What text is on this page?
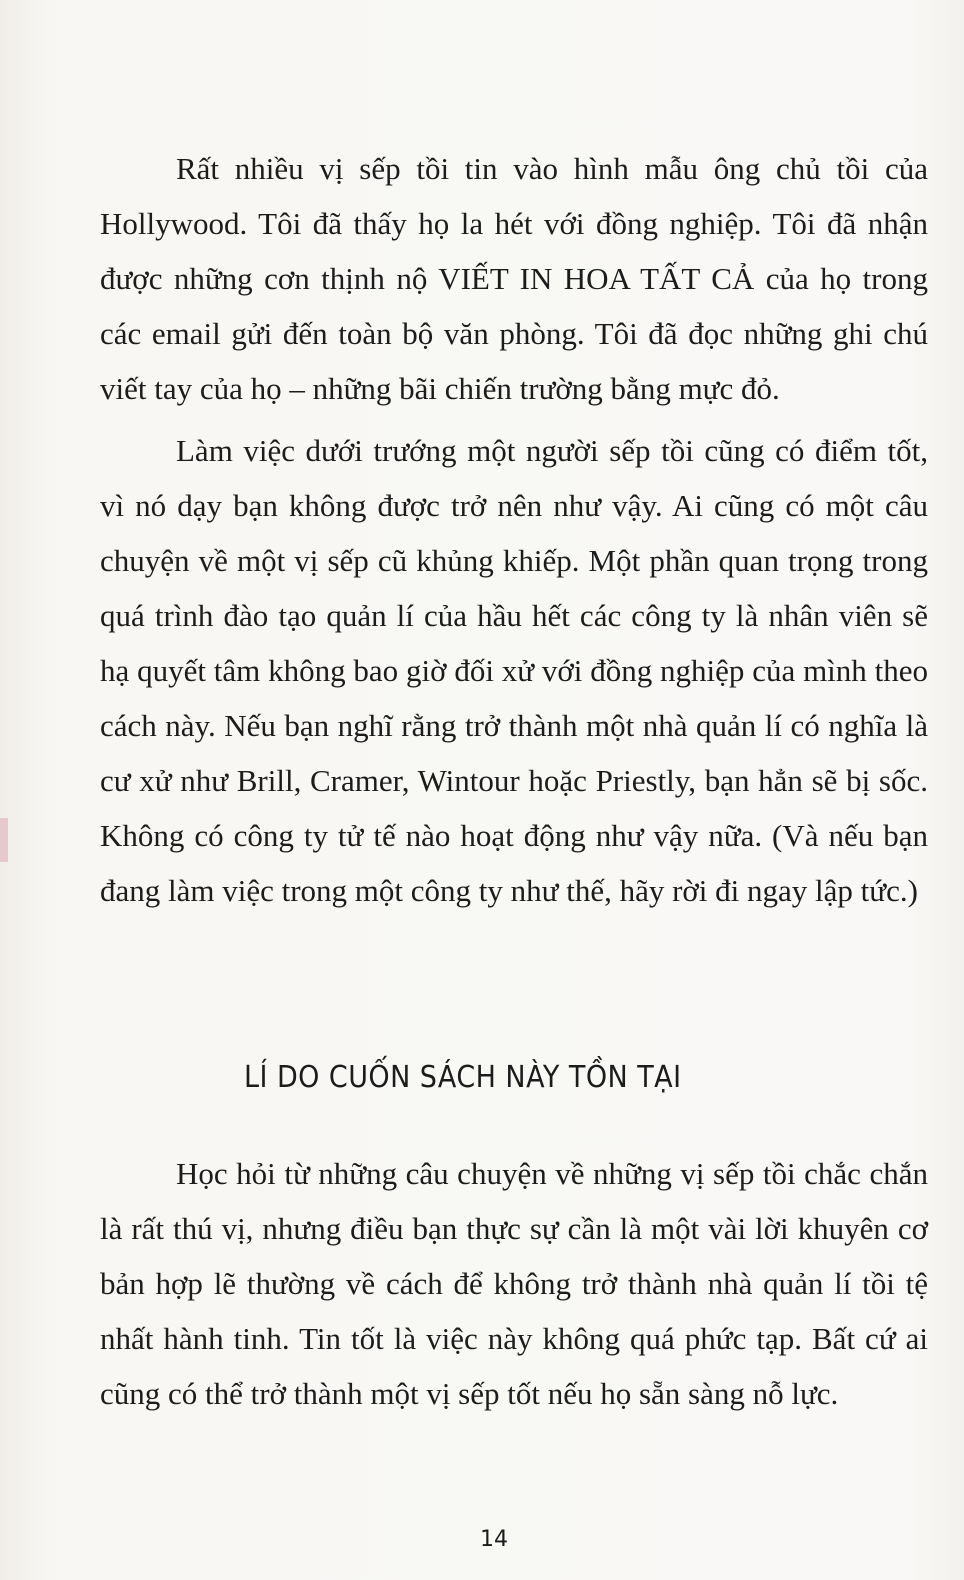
Rất nhiều vị sếp tồi tin vào hình mẫu ông chủ tồi của Hollywood. Tôi đã thấy họ la hét với đồng nghiệp. Tôi đã nhận được những cơn thịnh nộ VIẾT IN HOA TẤT CẢ của họ trong các email gửi đến toàn bộ văn phòng. Tôi đã đọc những ghi chú viết tay của họ – những bãi chiến trường bằng mực đỏ.

Làm việc dưới trướng một người sếp tồi cũng có điểm tốt, vì nó dạy bạn không được trở nên như vậy. Ai cũng có một câu chuyện về một vị sếp cũ khủng khiếp. Một phần quan trọng trong quá trình đào tạo quản lí của hầu hết các công ty là nhân viên sẽ hạ quyết tâm không bao giờ đối xử với đồng nghiệp của mình theo cách này. Nếu bạn nghĩ rằng trở thành một nhà quản lí có nghĩa là cư xử như Brill, Cramer, Wintour hoặc Priestly, bạn hẳn sẽ bị sốc. Không có công ty tử tế nào hoạt động như vậy nữa. (Và nếu bạn đang làm việc trong một công ty như thế, hãy rời đi ngay lập tức.)

LÍ DO CUỐN SÁCH NÀY TỒN TẠI

Học hỏi từ những câu chuyện về những vị sếp tồi chắc chắn là rất thú vị, nhưng điều bạn thực sự cần là một vài lời khuyên cơ bản hợp lẽ thường về cách để không trở thành nhà quản lí tồi tệ nhất hành tinh. Tin tốt là việc này không quá phức tạp. Bất cứ ai cũng có thể trở thành một vị sếp tốt nếu họ sẵn sàng nỗ lực.

14
